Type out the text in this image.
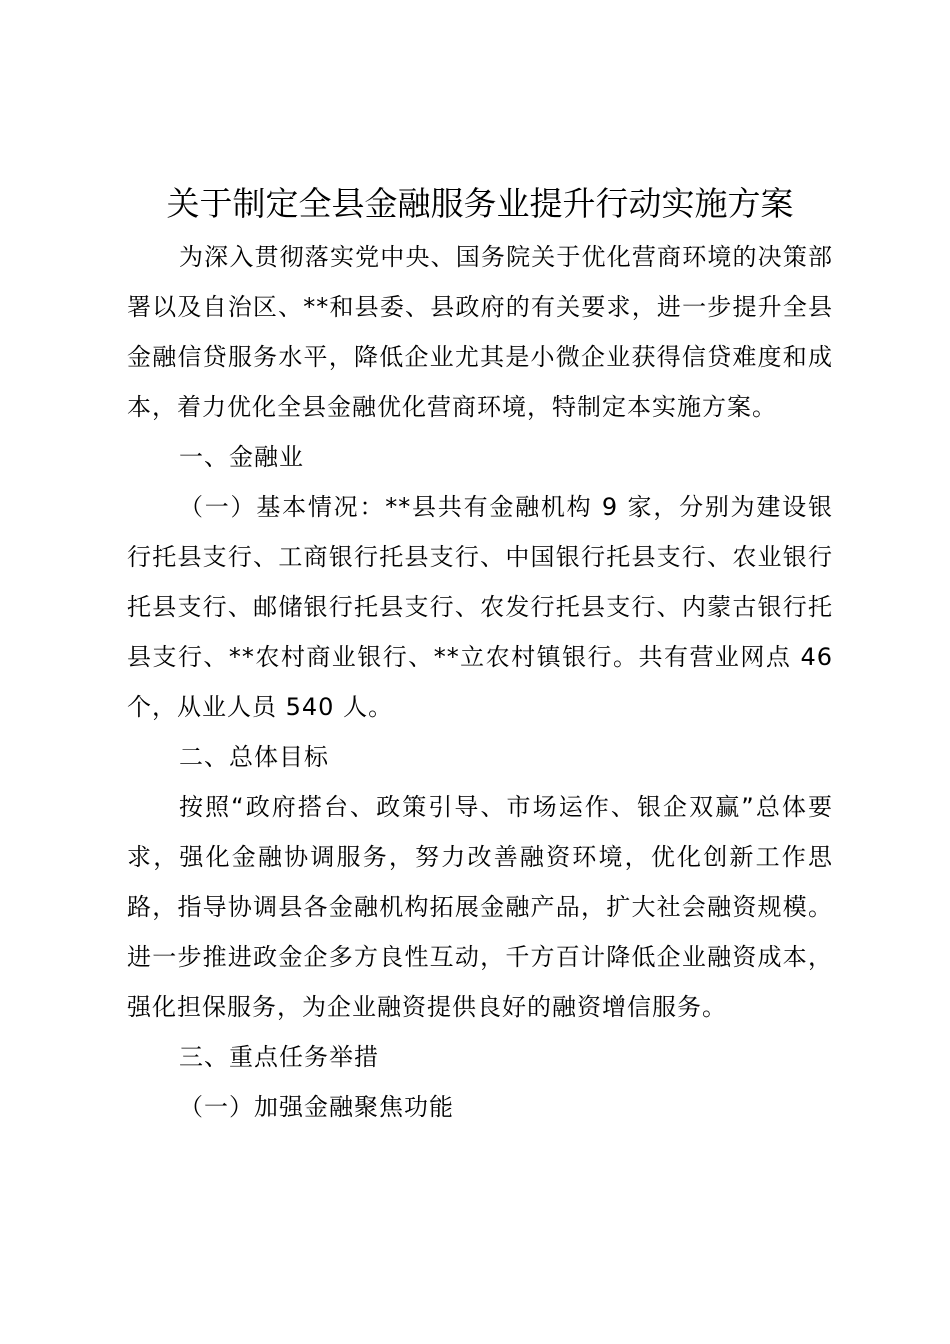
关于制定全县金融服务业提升行动实施方案

为深入贯彻落实党中央、国务院关于优化营商环境的决策部署以及自治区、**和县委、县政府的有关要求，进一步提升全县金融信贷服务水平，降低企业尤其是小微企业获得信贷难度和成本，着力优化全县金融优化营商环境，特制定本实施方案。

一、金融业

（一）基本情况：**县共有金融机构 9 家，分别为建设银行托县支行、工商银行托县支行、中国银行托县支行、农业银行托县支行、邮储银行托县支行、农发行托县支行、内蒙古银行托县支行、**农村商业银行、**立农村镇银行。共有营业网点 46 个，从业人员 540 人。

二、总体目标

按照“政府搭台、政策引导、市场运作、银企双赢”总体要求，强化金融协调服务，努力改善融资环境，优化创新工作思路，指导协调县各金融机构拓展金融产品，扩大社会融资规模。进一步推进政金企多方良性互动，千方百计降低企业融资成本，强化担保服务，为企业融资提供良好的融资增信服务。

三、重点任务举措

（一）加强金融聚焦功能
